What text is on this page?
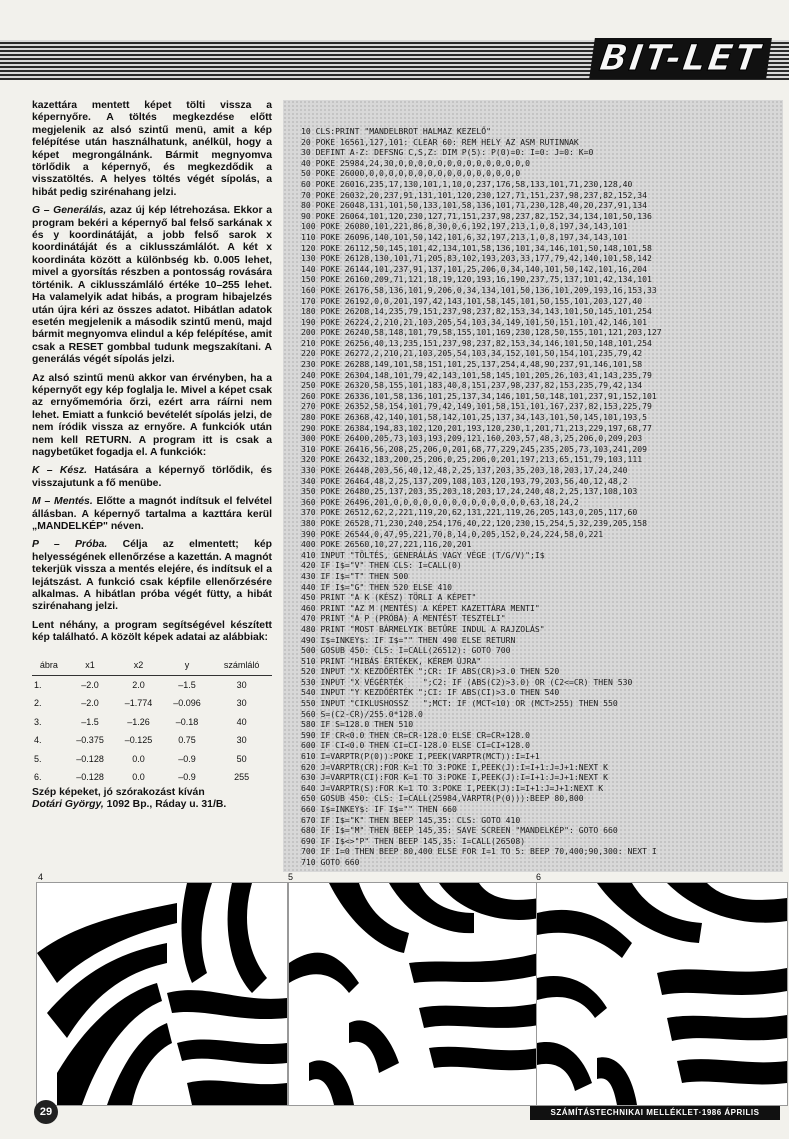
BIT-LET

kazettára mentett képet tölti vissza a képernyőre. A töltés megkezdése előtt megjelenik az alsó szintű menü, amit a kép felépítése után használhatunk, anélkül, hogy a képet megrongálnánk. Bármit megnyomva törlődik a képernyő, és megkezdődik a visszatöltés. A helyes töltés végét sípolás, a hibát pedig szirénahang jelzi.

G – Generálás, azaz új kép létrehozása. Ekkor a program bekéri a képernyő bal felső sarkának x és y koordinátáját, a jobb felső sarok x koordinátáját és a ciklusszámlálót. A két x koordináta között a különbség kb. 0.005 lehet, mivel a gyorsítás részben a pontosság rovására történik. A ciklusszámláló értéke 10–255 lehet. Ha valamelyik adat hibás, a program hibajelzés után újra kéri az összes adatot. Hibátlan adatok esetén megjelenik a második szintű menü, majd bármit megnyomva elindul a kép felépítése, amit csak a RESET gombbal tudunk megszakítani. A generálás végét sípolás jelzi.

Az alsó szintű menü akkor van érvényben, ha a képernyőt egy kép foglalja le. Mivel a képet csak az ernyőmemória őrzi, ezért arra ráírni nem lehet. Emiatt a funkció bevételét sípolás jelzi, de nem íródik vissza az ernyőre. A funkciók után nem kell RETURN. A program itt is csak a nagybetűket fogadja el. A funkciók:

K – Kész. Hatására a képernyő törlődik, és visszajutunk a fő menübe.

M – Mentés. Előtte a magnót indítsuk el felvétel állásban. A képernyő tartalma a kazttára kerül „MANDELKÉP" néven.

P – Próba. Célja az elmentett; kép helyességének ellenőrzése a kazettán. A magnót tekerjük vissza a mentés elejére, és indítsuk el a lejátszást. A funkció csak képfile ellenőrzésére alkalmas. A hibátlan próba végét fütty, a hibát szirénahang jelzi.

Lent néhány, a program segítségével készített kép található. A közölt képek adatai az alábbiak:

ábra	x1	x2	y	számláló
1.	–2.0	2.0	–1.5	30
2.	–2.0	–1.774	–0.096	30
3.	–1.5	–1.26	–0.18	40
4.	–0.375	–0.125	0.75	30
5.	–0.128	0.0	–0.9	50
6.	–0.128	0.0	–0.9	255

Szép képeket, jó szórakozást kíván
Dotári György, 1092 Bp., Ráday u. 31/B.

10 CLS:PRINT "MANDELBROT HALMAZ KEZELŐ"
20 POKE 16561,127,101: CLEAR 60: REM HELY AZ ASM RUTINNAK
30 DEFINT A-Z: DEFSNG C,S,Z: DIM P(5): P(0)=0: I=0: J=0: K=0
40 POKE 25984,24,30,0,0,0,0,0,0,0,0,0,0,0,0,0,0
50 POKE 26000,0,0,0,0,0,0,0,0,0,0,0,0,0,0,0,0
60 POKE 26016,235,17,130,101,1,10,0,237,176,58,133,101,71,230,128,40
70 POKE 26032,20,237,91,131,101,120,230,127,71,151,237,98,237,82,152,34
80 POKE 26048,131,101,50,133,101,58,136,101,71,230,128,40,20,237,91,134
90 POKE 26064,101,120,230,127,71,151,237,98,237,82,152,34,134,101,50,136
100 POKE 26080,101,221,86,8,30,0,6,192,197,213,1,0,8,197,34,143,101
110 POKE 26096,140,101,50,142,101,6,32,197,213,1,0,8,197,34,143,101
120 POKE 26112,50,145,101,42,134,101,58,136,101,34,146,101,50,148,101,58
130 POKE 26128,130,101,71,205,83,102,193,203,33,177,79,42,140,101,58,142
140 POKE 26144,101,237,91,137,101,25,206,0,34,140,101,50,142,101,16,204
150 POKE 26160,209,71,121,18,19,120,193,16,190,237,75,137,101,42,134,101
160 POKE 26176,58,136,101,9,206,0,34,134,101,50,136,101,209,193,16,153,33
170 POKE 26192,0,0,201,197,42,143,101,58,145,101,50,155,101,203,127,40
180 POKE 26208,14,235,79,151,237,98,237,82,153,34,143,101,50,145,101,254
190 POKE 26224,2,210,21,103,205,54,103,34,149,101,50,151,101,42,146,101
200 POKE 26240,58,148,101,79,58,155,101,169,230,128,50,155,101,121,203,127
210 POKE 26256,40,13,235,151,237,98,237,82,153,34,146,101,50,148,101,254
220 POKE 26272,2,210,21,103,205,54,103,34,152,101,50,154,101,235,79,42
230 POKE 26288,149,101,58,151,101,25,137,254,4,48,90,237,91,146,101,58
240 POKE 26304,148,101,79,42,143,101,58,145,101,205,26,103,41,143,235,79
250 POKE 26320,58,155,101,183,40,8,151,237,98,237,82,153,235,79,42,134
260 POKE 26336,101,58,136,101,25,137,34,146,101,50,148,101,237,91,152,101
270 POKE 26352,58,154,101,79,42,149,101,58,151,101,167,237,82,153,225,79
280 POKE 26368,42,140,101,58,142,101,25,137,34,143,101,50,145,101,193,5
290 POKE 26384,194,83,102,120,201,193,120,230,1,201,71,213,229,197,68,77
300 POKE 26400,205,73,103,193,209,121,160,203,57,48,3,25,206,0,209,203
310 POKE 26416,56,208,25,206,0,201,68,77,229,245,235,205,73,103,241,209
320 POKE 26432,183,200,25,206,0,25,206,0,201,197,213,65,151,79,103,111
330 POKE 26448,203,56,40,12,48,2,25,137,203,35,203,18,203,17,24,240
340 POKE 26464,48,2,25,137,209,108,103,120,193,79,203,56,40,12,48,2
350 POKE 26480,25,137,203,35,203,18,203,17,24,240,48,2,25,137,108,103
360 POKE 26496,201,0,0,0,0,0,0,0,0,0,0,0,0,0,0,63,18,24,2
370 POKE 26512,62,2,221,119,20,62,131,221,119,26,205,143,0,205,117,60
380 POKE 26528,71,230,240,254,176,40,22,120,230,15,254,5,32,239,205,158
390 POKE 26544,0,47,95,221,70,8,14,0,205,152,0,24,224,58,0,221
400 POKE 26560,10,27,221,116,20,201
410 INPUT "TÖLTÉS, GENERÁLÁS VAGY VÉGE (T/G/V)";I$
420 IF I$="V" THEN CLS: I=CALL(0)
430 IF I$="T" THEN 500
440 IF I$="G" THEN 520 ELSE 410
450 PRINT "A K (KÉSZ) TÖRLI A KÉPET"
460 PRINT "AZ M (MENTÉS) A KÉPET KAZETTÁRA MENTI"
470 PRINT "A P (PRÓBA) A MENTÉST TESZTELI"
480 PRINT "MOST BÁRMELYIK BETŰRE INDUL A RAJZOLÁS"
490 I$=INKEY$: IF I$="" THEN 490 ELSE RETURN
500 GOSUB 450: CLS: I=CALL(26512): GOTO 700
510 PRINT "HIBÁS ÉRTÉKEK, KÉREM ÚJRA"
520 INPUT "X KEZDŐÉRTÉK ";CR: IF ABS(CR)>3.0 THEN 520
530 INPUT "X VÉGÉRTÉK    ";C2: IF (ABS(C2)>3.0) OR (C2<=CR) THEN 530
540 INPUT "Y KEZDŐÉRTÉK ";CI: IF ABS(CI)>3.0 THEN 540
550 INPUT "CIKLUSHOSSZ   ";MCT: IF (MCT<10) OR (MCT>255) THEN 550
560 S=(C2-CR)/255.0*128.0
580 IF S=128.0 THEN 510
590 IF CR<0.0 THEN CR=CR-128.0 ELSE CR=CR+128.0
600 IF CI<0.0 THEN CI=CI-128.0 ELSE CI=CI+128.0
610 I=VARPTR(P(0)):POKE I,PEEK(VARPTR(MCT)):I=I+1
620 J=VARPTR(CR):FOR K=1 TO 3:POKE I,PEEK(J):I=I+1:J=J+1:NEXT K
630 J=VARPTR(CI):FOR K=1 TO 3:POKE I,PEEK(J):I=I+1:J=J+1:NEXT K
640 J=VARPTR(S):FOR K=1 TO 3:POKE I,PEEK(J):I=I+1:J=J+1:NEXT K
650 GOSUB 450: CLS: I=CALL(25984,VARPTR(P(0))):BEEP 80,800
660 I$=INKEY$: IF I$="" THEN 660
670 IF I$="K" THEN BEEP 145,35: CLS: GOTO 410
680 IF I$="M" THEN BEEP 145,35: SAVE SCREEN "MANDELKÉP": GOTO 660
690 IF I$<>"P" THEN BEEP 145,35: I=CALL(26508)
700 IF I=0 THEN BEEP 80,400 ELSE FOR I=1 TO 5: BEEP 70,400;90,300: NEXT I
710 GOTO 660
4	5	6
29	SZÁMÍTÁSTECHNIKAI MELLÉKLET·1986 ÁPRILIS
